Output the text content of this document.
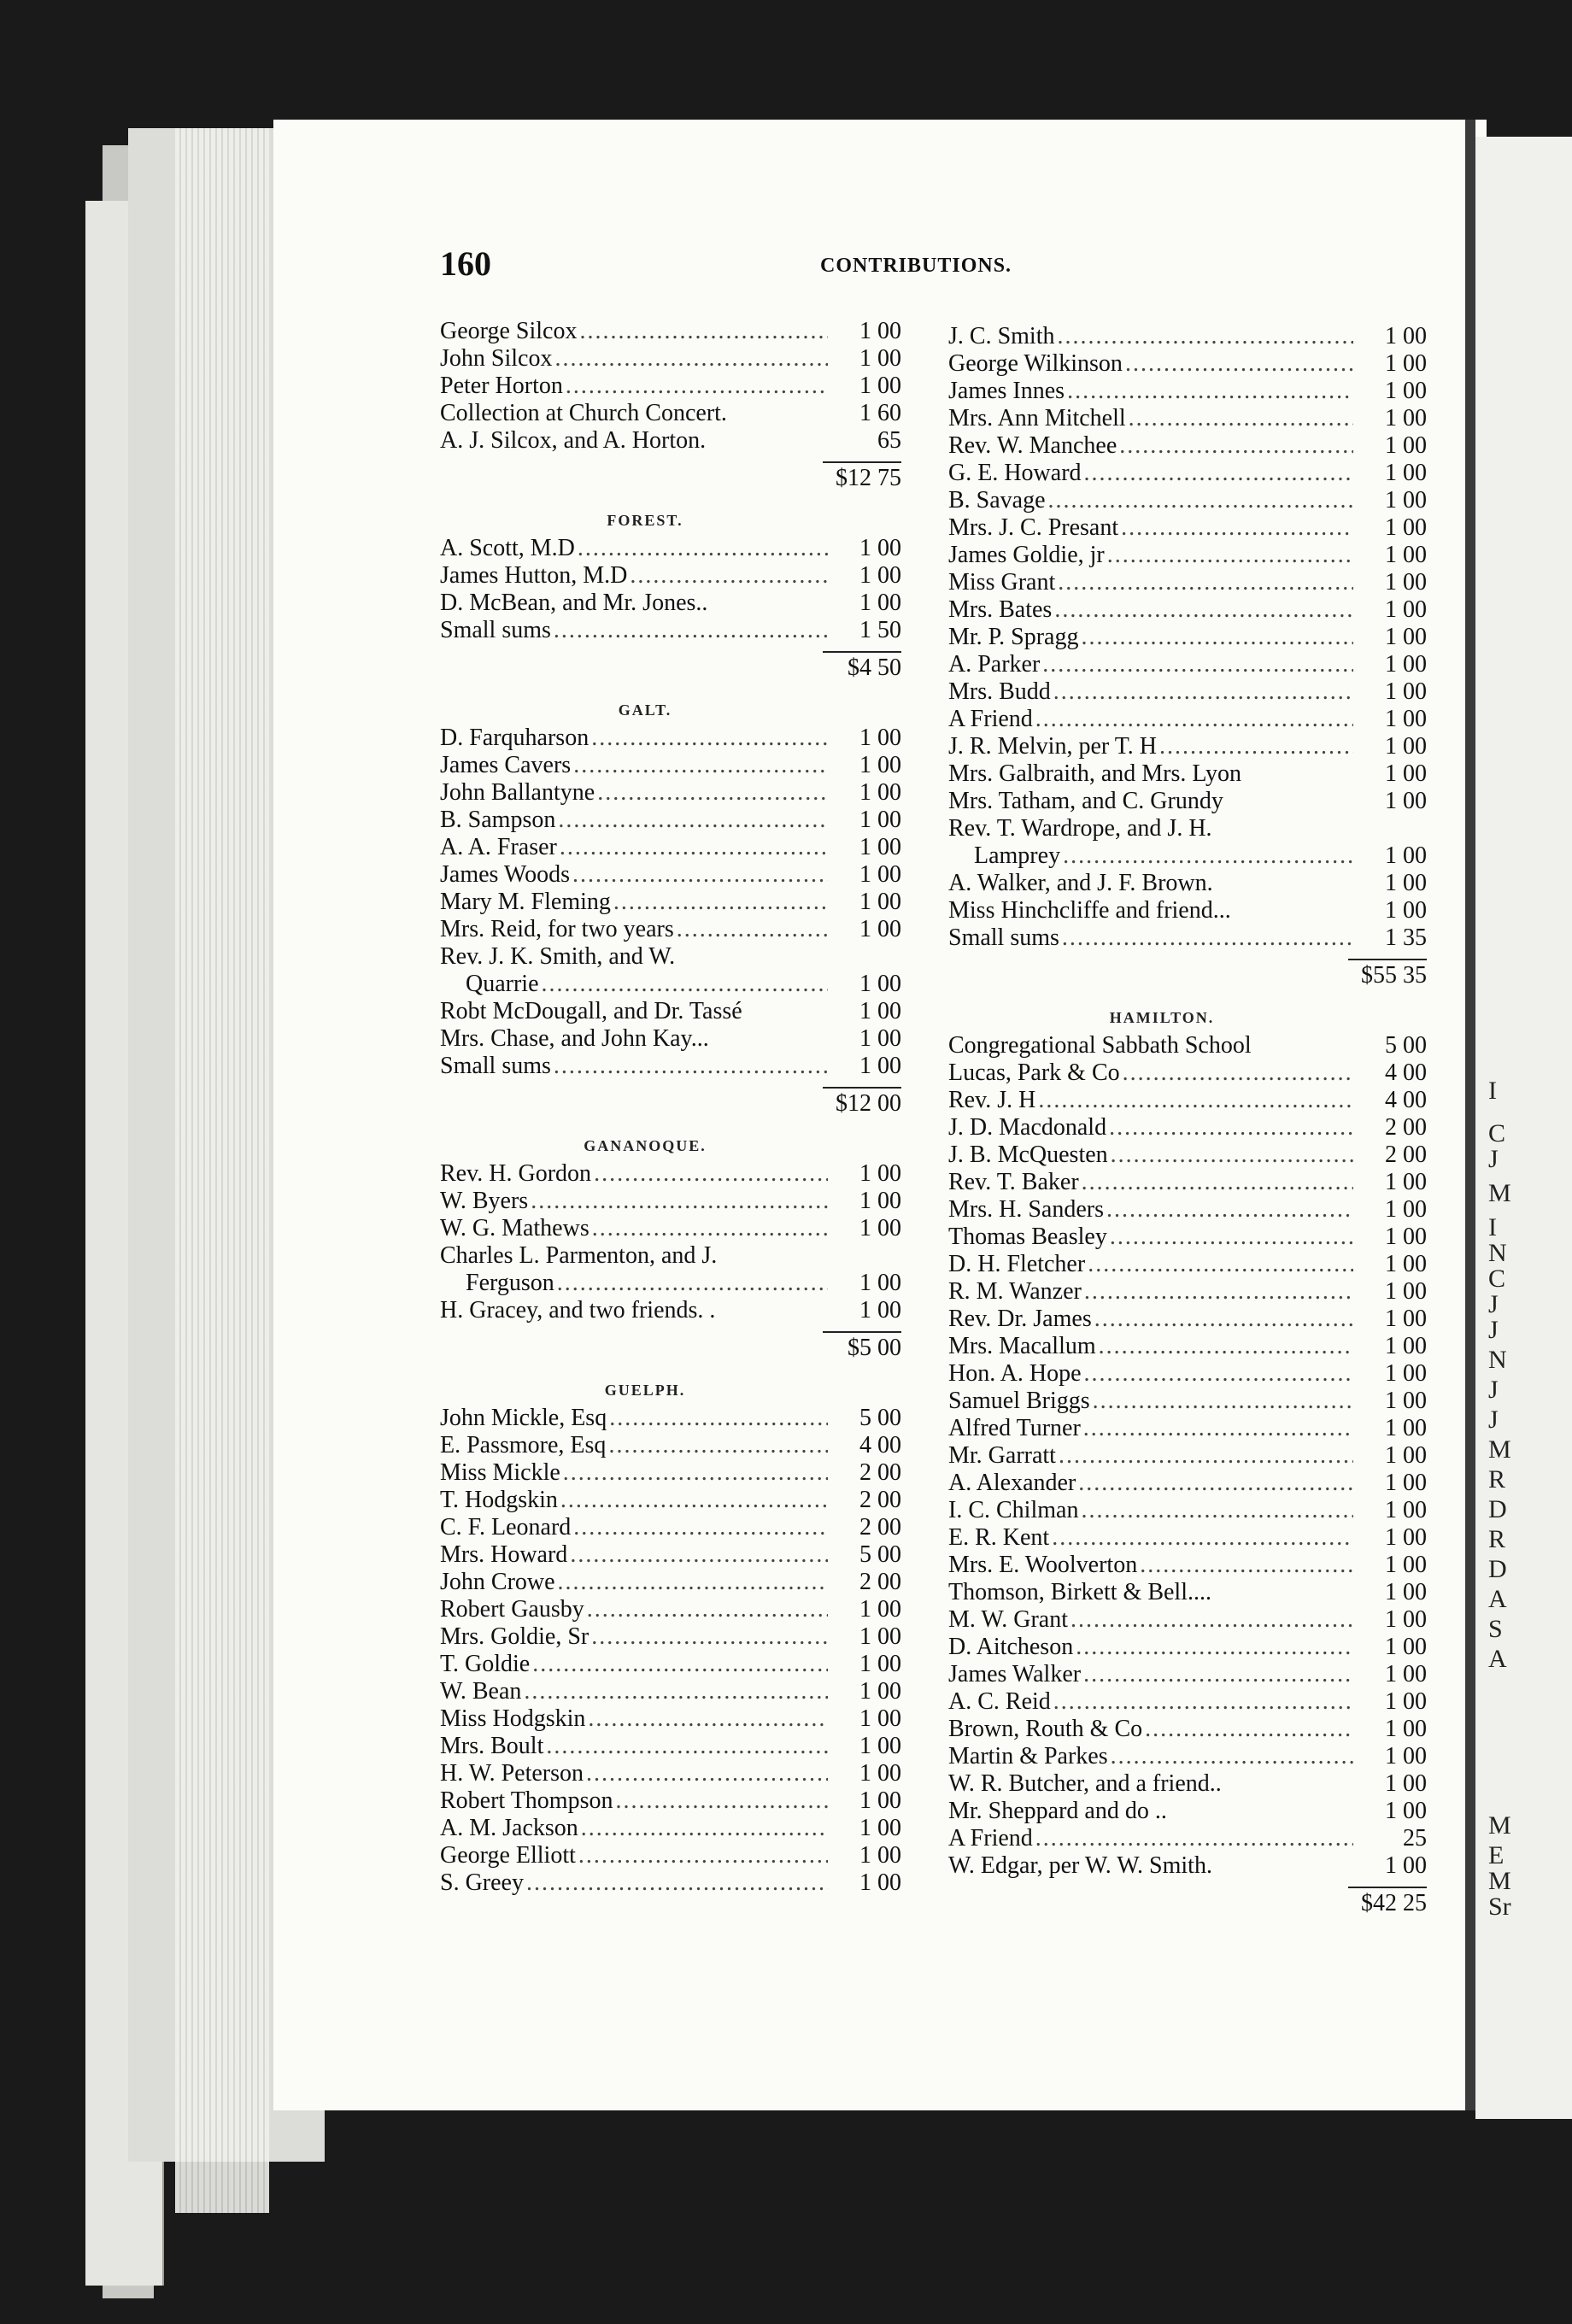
160	CONTRIBUTIONS.
George Silcox .....	1 00
John Silcox .....	1 00
Peter Horton .....	1 00
Collection at Church Concert.	1 60
A. J. Silcox, and A. Horton.	65
$12 75
FOREST.
A. Scott, M.D .....	1 00
James Hutton, M.D .....	1 00
D. McBean, and Mr. Jones..	1 00
Small sums .....	1 50
$4 50
GALT.
D. Farquharson .....	1 00
James Cavers .....	1 00
John Ballantyne .....	1 00
B. Sampson .....	1 00
A. A. Fraser .....	1 00
James Woods .....	1 00
Mary M. Fleming .....	1 00
Mrs. Reid, for two years .....	1 00
Rev. J. K. Smith, and W.
Quarrie .....	1 00
Robt McDougall, and Dr. Tassé	1 00
Mrs. Chase, and John Kay...	1 00
Small sums .....	1 00
$12 00
GANANOQUE.
Rev. H. Gordon .....	1 00
W. Byers .....	1 00
W. G. Mathews .....	1 00
Charles L. Parmenton, and J.
Ferguson .....	1 00
H. Gracey, and two friends. .	1 00
$5 00
GUELPH.
John Mickle, Esq .....	5 00
E. Passmore, Esq .....	4 00
Miss Mickle .....	2 00
T. Hodgskin .....	2 00
C. F. Leonard .....	2 00
Mrs. Howard .....	5 00
John Crowe .....	2 00
Robert Gausby .....	1 00
Mrs. Goldie, Sr .....	1 00
T. Goldie .....	1 00
W. Bean .....	1 00
Miss Hodgskin .....	1 00
Mrs. Boult .....	1 00
H. W. Peterson .....	1 00
Robert Thompson .....	1 00
A. M. Jackson .....	1 00
George Elliott .....	1 00
S. Greey .....	1 00
J. C. Smith .....	1 00
George Wilkinson .....	1 00
James Innes .....	1 00
Mrs. Ann Mitchell .....	1 00
Rev. W. Manchee .....	1 00
G. E. Howard .....	1 00
B. Savage .....	1 00
Mrs. J. C. Presant .....	1 00
James Goldie, jr .....	1 00
Miss Grant .....	1 00
Mrs. Bates .....	1 00
Mr. P. Spragg .....	1 00
A. Parker .....	1 00
Mrs. Budd .....	1 00
A Friend .....	1 00
J. R. Melvin, per T. H .....	1 00
Mrs. Galbraith, and Mrs. Lyon	1 00
Mrs. Tatham, and C. Grundy	1 00
Rev. T. Wardrope, and J. H.
Lamprey .....	1 00
A. Walker, and J. F. Brown.	1 00
Miss Hinchcliffe and friend...	1 00
Small sums .....	1 35
$55 35
HAMILTON.
Congregational Sabbath School	5 00
Lucas, Park & Co .....	4 00
Rev. J. H .....	4 00
J. D. Macdonald .....	2 00
J. B. McQuesten .....	2 00
Rev. T. Baker .....	1 00
Mrs. H. Sanders .....	1 00
Thomas Beasley .....	1 00
D. H. Fletcher .....	1 00
R. M. Wanzer .....	1 00
Rev. Dr. James .....	1 00
Mrs. Macallum .....	1 00
Hon. A. Hope .....	1 00
Samuel Briggs .....	1 00
Alfred Turner .....	1 00
Mr. Garratt .....	1 00
A. Alexander .....	1 00
I. C. Chilman .....	1 00
E. R. Kent .....	1 00
Mrs. E. Woolverton .....	1 00
Thomson, Birkett & Bell....	1 00
M. W. Grant .....	1 00
D. Aitcheson .....	1 00
James Walker .....	1 00
A. C. Reid .....	1 00
Brown, Routh & Co .....	1 00
Martin & Parkes .....	1 00
W. R. Butcher, and a friend..	1 00
Mr. Sheppard and do ..	1 00
A Friend .....	25
W. Edgar, per W. W. Smith.	1 00
$42 25
I
C
J
M
I
N
C
J
J
N
J
J
M
R
D
R
D
A
S
A
M
E
M
Sr
